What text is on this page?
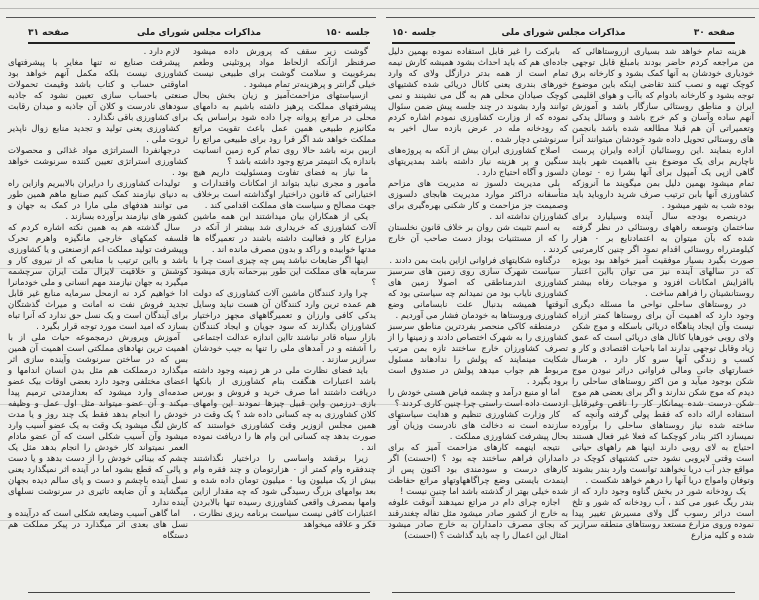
جلسه ۱۵۰
مذاکرات مجلس شورای ملی
صفحه ۳۱

گوشت زیر سقف که پرورش داده میشود صرفنظر ازآنکه ازلحاظ مواد پروتئینی وطعم بمرغوبیت و سلامت گوشت برای طبیعی نیست خیلی گرانتر و پرهزینه‌تر تمام میشود .

ازسیاستهای مزاحمت‌آمیز و زیان بخش بحال پیشرفتهای مملکت پرهیز داشته باشیم به دامهای محلی در مراتع پروانه چرا داده شود براساس یک مکانیزم طبیعی همین عمل باعث تقویت مراتع مملکت خواهد شد اگر فرا رود برای طبیعی مراتع را ازبین برنه باشد حالا روی تمام کره زمین انسانیت باندازه یک انتیمتر مرتع وجود داشته باشد ؟

ما نیاز به فضای تفاوت ومسئولیت داریم هیچ مأمور و مجری نباید بتواند از امکانات واقتدارات و اختیاراتی که قانون دراختیار اوگذاشته است برخلاف جهت مصالح و سیاست های مملکت اقدامی کند .

یکی از همکاران بیان میداشتند این همه ماشین آلات کشاورزی که خریداری شد بیشتر از آنکه در مزارع کار و فعالیت داشته باشند در تعمیرگاه ها مدتها خوابیده و راکد و بدون مصرف مانده اند .

اینها اگر ضایعات نباشد پس چه چیزی است چرا با سرمایه های مملکت این طور بیرحمانه بازی میشود ؟

چرا وارد کنندگان ماشین آلات کشاورزی که دولت هم عمده ترین وارد کنندگان آن هست نباید وسایل یدکی کافی وارزان و تعمیرگاههای مجهز دراختیار کشاورزان بگذارند که سود جویان و ایجاد کنندگان بازار سیاه قادر نباشند تااین اندازه عدالت اجتماعی را آشفته و در آمدهای ملی را تنها به جیب خودشان سرازیر سازند .

باید فضای نظارت ملی در هر زمینه وجود داشته باشد اعتبارات هنگفت بنام کشاورزی از بانکها دریافت داشتند اما صرف خرید و فروش و بورس بازی درزمین واین قبیل چیزها نمودند این وامهای کلان کشاورزی به چه کسانی داده شد ؟ یک وقت در همین مجلس ازوزیر وقت کشاورزی خواستند که صورت بدهد چه کسانی این وام ها را دریافت نموده اند .

زیرا برقشد واساسی را دراختیار نگذاشتند چندفقره وام کمتر از ۰ هزارتومان و چند فقره وام بیش از یک میلیون وبا ۰ میلیون تومان داده شده و بعد بوامهای بزرگ رسیدگی شود که چه مقدار ازاین وامها بمصرف واقعی کشاورزی رسیده تنها بالابردن اعتبارات کافی نیست سیاست برنامه ریزی نظارت ، فکر و علاقه میخواهد

لازم دارد .

پیشرفت صنایع نه تنها مغایر با پیشرفتهای کشاورزی نیست بلکه مکمل آنهم خواهد بود اماوقتی حساب و کتاب باشد وقیمت تحمولات صنعتی باحساب سازی تعیین نشود که جاذبه سودهای نادرست و کلان آن جاذبه و میدان رقابت برای کشاورزی باقی نگذارد .

کشاورزی یعنی تولید و تجدید منابع زوال ناپذیر ثروت ملی .

درجهانفردا الستراتژی مواد غذائی و محصولات کشاورزی استراتژی تعیین کننده سرنوشت خواهد بود .

تولیدات کشاورزی را درایران بالاببریم وازاین راه به دنیای نیازمند کمک کنیم صنایع ماهم همین طور می توانند هدفهای ملی مارا در کمک به جهان و کشور های نیازمند برآورده بسازند .

سال گذشته هم به همین نکته اشاره کردم که فلسفه کمکهای خارجی مانگیزه واهرم تحرک وپیشرفت تولید مملکت اعم ازصنعتی و یا کشاورزی باشد و بااین ترتیب با منابعی که از نیروی کار و کوشش و خلاقیت لایزال ملت ایران سرچشمه میگیرد به جهان نیازمند مهم انسانی و ملی خودمانرا ادا خواهیم کرد نه ازمحل سرمایه منابع غیر قابل تجدید فروش نفت نه امانت و میراث گذشتگان برای آیندگان است و یک نسل حق ندارد که آنرا تباه بسازد که امید است مورد توجه قرار بگیرد .

آموزش وپرورش درمجموعه حیات ملی از با اهمیت ترین نهادهای مملکتی است اهمیت آن همین بس که در ساختن سرنوشت وآینده سازی اثر میگذارد درمملکت هم مثل بدن انسان اندامها و اعضای مختلفی وجود دارد بعضی اوقات بیک عضو صدمه‌ای وارد میشود که بعدازمدتی ترمیم پیدا میکند و آن عضو میتواند مثل اول عمل و وظیفه خودش را انجام بدهد فقط یک چند روز و یا مدت کارش لنگ میشود یک وقت به یک عضو آسیب وارد میشود وآن آسیب شکلی است که آن عضو مادام العمر نمیتواند کار خودش را انجام بدهد مثل یک چشم که بینائی خودش را از دست بدهد و یا دست و پائی که قطع بشود اما در آینده اثر نمیگذارد یعنی نسل آینده باچشم و دست و پای سالم دیده بجهان میگشاید و آن ضایعه تاثیری در سرنوشت نسلهای آینده ندارد

اما گاهی آسیب وضایعه شکلی است که درآینده و نسل های بعدی اثر میگذارد در پیکر مملکت هم دستگاه

صفحه ۳۰
مذاکرات مجلس شورای ملی
جلسه ۱۵۰

هزینه تمام خواهد شد بسیاری ازروستاهائی که من مراجعه کردم حاضر بودند بامبلغ قابل توجهی خودیاری خودشان به آنها کمک بشود و کارخانه برق کوچک تهیه و نصب کنند تقاضی اینکه باین موضوع توجه بشود و کارخانه بادوام که باآب و هوای اقلیمی ایران و مناطق روستائی سازگار باشد و آموزش آنهم ساده وآسان و کم خرج باشد و وسائل یدکی وتعمیراتی آن هم قبلا مطالعه شده باشد بانجمن های روستائی تحویل داده شود خودشان ‌میتوانند آنرا اداره بنمایند .این روستائیان آزاده وایران پرست ناچاریم برای یک موضوع بنی بااهمیت شهر بایند گاهی ازپی یک آمپول برای آنها بشرا زه ۰ تومان تمام میشود بهمین دلیل بمن میگویند ما آنروزکه کشاورزی آنها بابن ترتیب صرف شرید داروباید باید بوده شب به شهر میشود .

دربنصره بودجه سال آینده وسیلیارد برای ساختمان وتوسعه راههای روستائی در نظر گرفته شده که بآن میتوان به اعتمادنایع بر ۰ هزار کیلومترراه روستائی اقدام نمود اگر چنین کارمرتبی صورت بگیرد بسیار موفقیت آمیز خواهد بود بویژه که در سالهای آینده نیز می توان بااین اعتبار باافزایش امکانات افزود و موجبات رفاه بیشتر روستانشینان را فراهم ساخت .

در روستاهای ساحلی نواحی ما مسئله دیگری وجود دارد که اهمیت آن برای روستاها کمتر ازراه نیست وآن ایجاد پناهگاه دریائی باسکله و موج شکن ولای روبی خورهایا کانال های دریائی است که عمق زیاد وقابل توجهی ندارند اما باحیات اقتصادی و کار و کسب و زندگی آنها سرو کار دارد ، هرسال خسارتهای جانی ومالی فراوانی دراثر نبودن موج شکن بوجود میآید و من اکثر روستاهای ساحلی را دیدم که موج شکن ندارند و اگر برای بعضی هم موج شکن درست شده پیمانکار کار را ناقص وغیرقابل استفاده ارائه داده که فقط پولی گرفته وآنچه که ساخته شده نیاز روستاهای ساحلی را برآورده نمیسازد اکثر بنادر کوچکما که فعلا غیر فعال هستند احتیاج به لای روبی دارند اینها هم راههای حیاتی است وقتی لایروبی نشود حتی کشتیهای کوچک در مواقع جذر آب دریا نخواهند توانست وارد بندر بشوند وتوفان وامواج دریا آنها را درهم خواهد شکست .

یک رودخانه شور در بخش گناوه وجود دارد که از بندر ریگ عبور می کند ، آب رودخانه که شور و تلخ است دراثر رسوب گل ولای مسیرش تغییر پیدا نموده وروی مزارع مستعد روستاهای منطقه سرازیر شده و کلیه مزارع

بابرکت را غیر قابل استفاده نموده بهمین دلیل جاده‌ای هم که باید احداث بشود همیشه کارش نیمه تمام است از همه بدتر درازگل ولای که وارد خورهای بندری یعنی کانال دریائی شده کشتیهای کوچک صیادان محلی هم به گل می نشینند و نمی توانند وارد بشوند در چند جلسه پیش ضمن سئوال نموده که از وزارت کشاورزی نمودم اشاره کردم که رودخانه مله در عرض بازده سال اخیر به سرنوشتی دچار شده .

اصلاح کشاورزی ایران بیش از آنکه به پروژه‌های سنگین و پر هزینه نیاز داشته باشد بمدیریتهای دلسوز و آگاه احتیاج دارد .

بلی مدیریت دلسوز نه مدیریت های مزاحم متأسفانه دراکثر موارد مدیریت هابجای دلسوزی وصمیمت جز مزاحمت و کار شکنی بهره‌گیری برای کشاورزان نداشته اند .

به اسم تثبیت شن روان بر خلاف قانون نخلستان را که از مستثنیات بوداز دست صاحب آن خارج کردند .

درگناوه شکایتهای فراوانی ازاین بابت بمن دادند .

سیاست شهرک سازی روی زمین های سرسبز کشاورزی اندرمناطقی که اصولا زمین های کشاورزی نایاب بود من نمیدانم چه سیاستی بود که آنوقتها همیشه بدنبال علت نابسامانی وضع کشاورزی وروستاها به خودمان فشار می آوردیم .

درمنطقه کاکی منحصر بفردترین مناطق سرسبز کشاورزی را به شهرک اختصاص دادند و زمینها را از تصرف کشاورزان خارج ساختند تازه بمن مرتب شکایت مینمایند که پولش را ندادهاند مسئول مربوط هم جواب میدهد پولش در صندوق است برود بگیرد .

اما او منبع درآمد و چشمه فیاض هستی خودش را ازدست داده است راستی چرا چنین کاری کردند ؟

کار وزارت کشاورزی تنظیم و هدایت سیاستهای سازنده است نه دخالت های نادرست وزیان آور بحال پیشرفت کشاورزی مملکت .

نتیجه اینهمه کارهای مزاحمت آمیز که برای دامداران فراهم ساختند چه بود ؟ (احسنت) اگر کارهای درست و سودمندی بود اکنون پس از اینمدت بایستی وضع چراگاههاوتهاو مراتع حفاظت شده خیلی بهتر از گذشته باشد اما چنین نیست !

اجازه چرای دام در مراتع نمیدهند آنوقت علوفه به خارج از کشور صادر میشود مثل تفاله چغندرقند که بجای مصرف دامداران به خارج صادر میشود امثال این اعمال را چه باید گذاشت ؟ (احسنت)
